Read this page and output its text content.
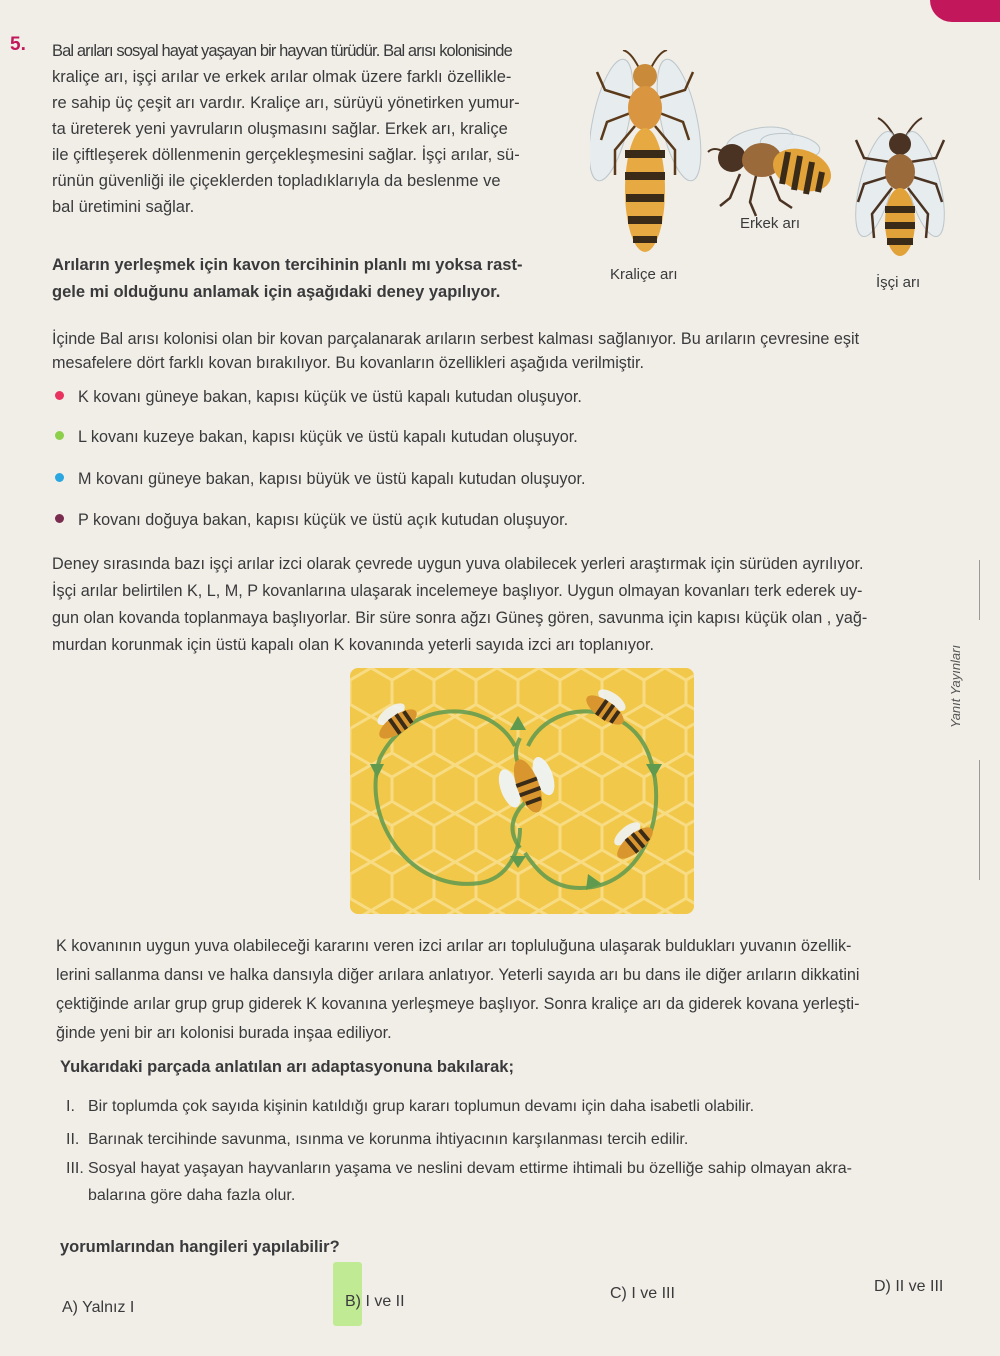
5. Bal arıları sosyal hayat yaşayan bir hayvan türüdür. Bal arısı kolonisinde
kraliçe arı, işçi arılar ve erkek arılar olmak üzere farklı özellikle-
re sahip üç çeşit arı vardır. Kraliçe arı, sürüyü yönetirken yumur-
ta üreterek yeni yavruların oluşmasını sağlar. Erkek arı, kraliçe
ile çiftleşerek döllenmenin gerçekleşmesini sağlar. İşçi arılar, sü-
rünün güvenliği ile çiçeklerden topladıklarıyla da beslenme ve
bal üretimini sağlar.
Arıların yerleşmek için kavon tercihinin planlı mı yoksa rast-
gele mi olduğunu anlamak için aşağıdaki deney yapılıyor.
Kraliçe arı
Erkek arı
İşçi arı
İçinde Bal arısı kolonisi olan bir kovan parçalanarak arıların serbest kalması sağlanıyor. Bu arıların çevresine eşit
mesafelere dört farklı kovan bırakılıyor. Bu kovanların özellikleri aşağıda verilmiştir.
K kovanı güneye bakan, kapısı küçük ve üstü kapalı kutudan oluşuyor.
L kovanı kuzeye bakan, kapısı küçük ve üstü kapalı kutudan oluşuyor.
M kovanı güneye bakan, kapısı büyük ve üstü kapalı kutudan oluşuyor.
P kovanı doğuya bakan, kapısı küçük ve üstü açık kutudan oluşuyor.
Deney sırasında bazı işçi arılar izci olarak çevrede uygun yuva olabilecek yerleri araştırmak için sürüden ayrılıyor.
İşçi arılar belirtilen K, L, M, P kovanlarına ulaşarak incelemeye başlıyor. Uygun olmayan kovanları terk ederek uy-
gun olan kovanda toplanmaya başlıyorlar. Bir süre sonra ağzı Güneş gören, savunma için kapısı küçük olan , yağ-
murdan korunmak için üstü kapalı olan K kovanında yeterli sayıda izci arı toplanıyor.	Yanıt Yayınları
K kovanının uygun yuva olabileceği kararını veren izci arılar arı topluluğuna ulaşarak buldukları yuvanın özellik-
lerini sallanma dansı ve halka dansıyla diğer arılara anlatıyor. Yeterli sayıda arı bu dans ile diğer arıların dikkatini
çektiğinde arılar grup grup giderek K kovanına yerleşmeye başlıyor. Sonra kraliçe arı da giderek kovana yerleşti-
ğinde yeni bir arı kolonisi burada inşaa ediliyor.
Yukarıdaki parçada anlatılan arı adaptasyonuna bakılarak;
I. Bir toplumda çok sayıda kişinin katıldığı grup kararı toplumun devamı için daha isabetli olabilir.
II. Barınak tercihinde savunma, ısınma ve korunma ihtiyacının karşılanması tercih edilir.
III. Sosyal hayat yaşayan hayvanların yaşama ve neslini devam ettirme ihtimali bu özelliğe sahip olmayan akra-
balarına göre daha fazla olur.
yorumlarından hangileri yapılabilir?
A) Yalnız I	B) I ve II	C) I ve III	D) II ve III
